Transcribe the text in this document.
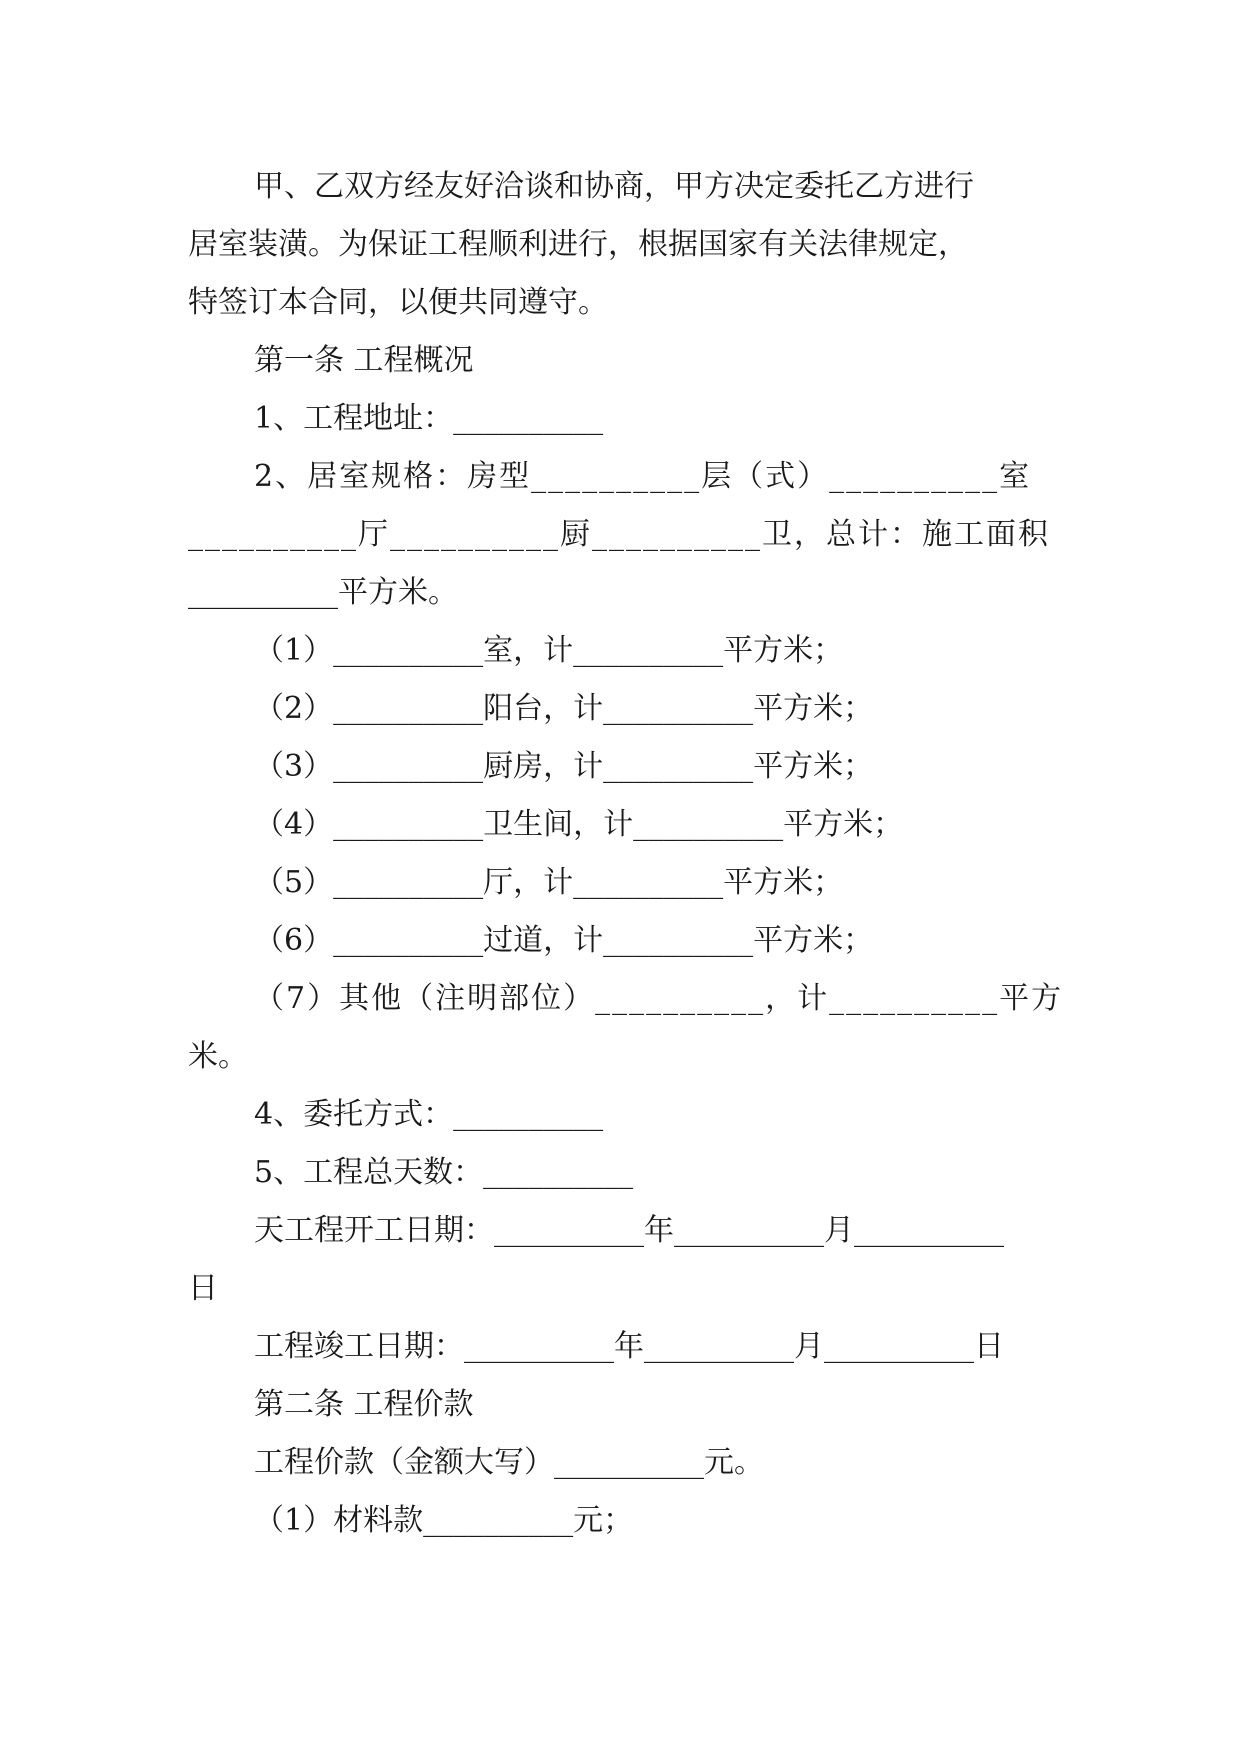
甲、乙双方经友好洽谈和协商，甲方决定委托乙方进行

居室装潢。为保证工程顺利进行，根据国家有关法律规定，

特签订本合同，以便共同遵守。

第一条 工程概况

1、工程地址：__________

2、居室规格：房型__________层（式）__________室

__________厅__________厨__________卫，总计：施工面积

__________平方米。

（1）__________室，计__________平方米；

（2）__________阳台，计__________平方米；

（3）__________厨房，计__________平方米；

（4）__________卫生间，计__________平方米；

（5）__________厅，计__________平方米；

（6）__________过道，计__________平方米；

（7）其他（注明部位）__________，计__________平方

米。

4、委托方式：__________

5、工程总天数：__________

天工程开工日期：__________年__________月__________

日

工程竣工日期：__________年__________月__________日

第二条 工程价款

工程价款（金额大写）__________元。

（1）材料款__________元；
